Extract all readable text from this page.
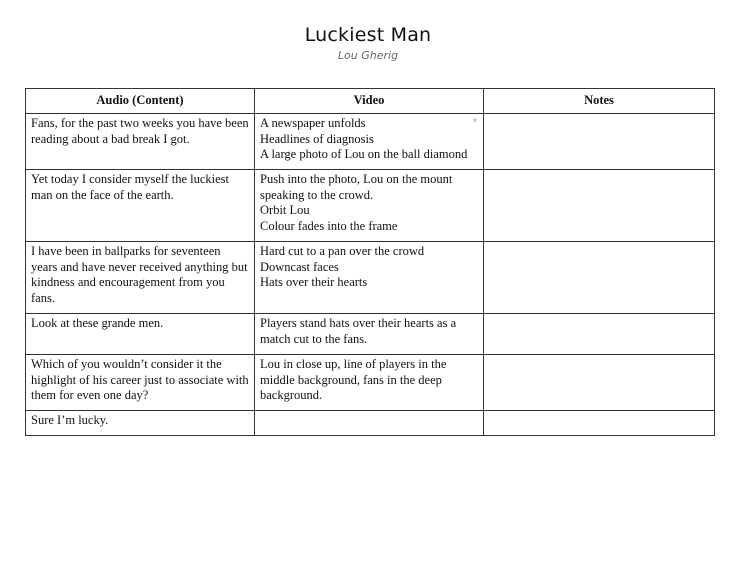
Luckiest Man
Lou Gherig
Audio (Content)	Video	Notes

Fans, for the past two weeks you have been reading about a bad break I got.	A newspaper unfolds
Headlines of diagnosis
A large photo of Lou on the ball diamond	

Yet today I consider myself the luckiest man on the face of the earth.	Push into the photo, Lou on the mount speaking to the crowd.
Orbit Lou
Colour fades into the frame	

I have been in ballparks for seventeen years and have never received anything but kindness and encouragement from you fans.	Hard cut to a pan over the crowd
Downcast faces
Hats over their hearts	

Look at these grande men.	Players stand hats over their hearts as a match cut to the fans.	

Which of you wouldn’t consider it the highlight of his career just to associate with them for even one day?	Lou in close up, line of players in the middle background, fans in the deep background.	

Sure I’m lucky.		

▾
